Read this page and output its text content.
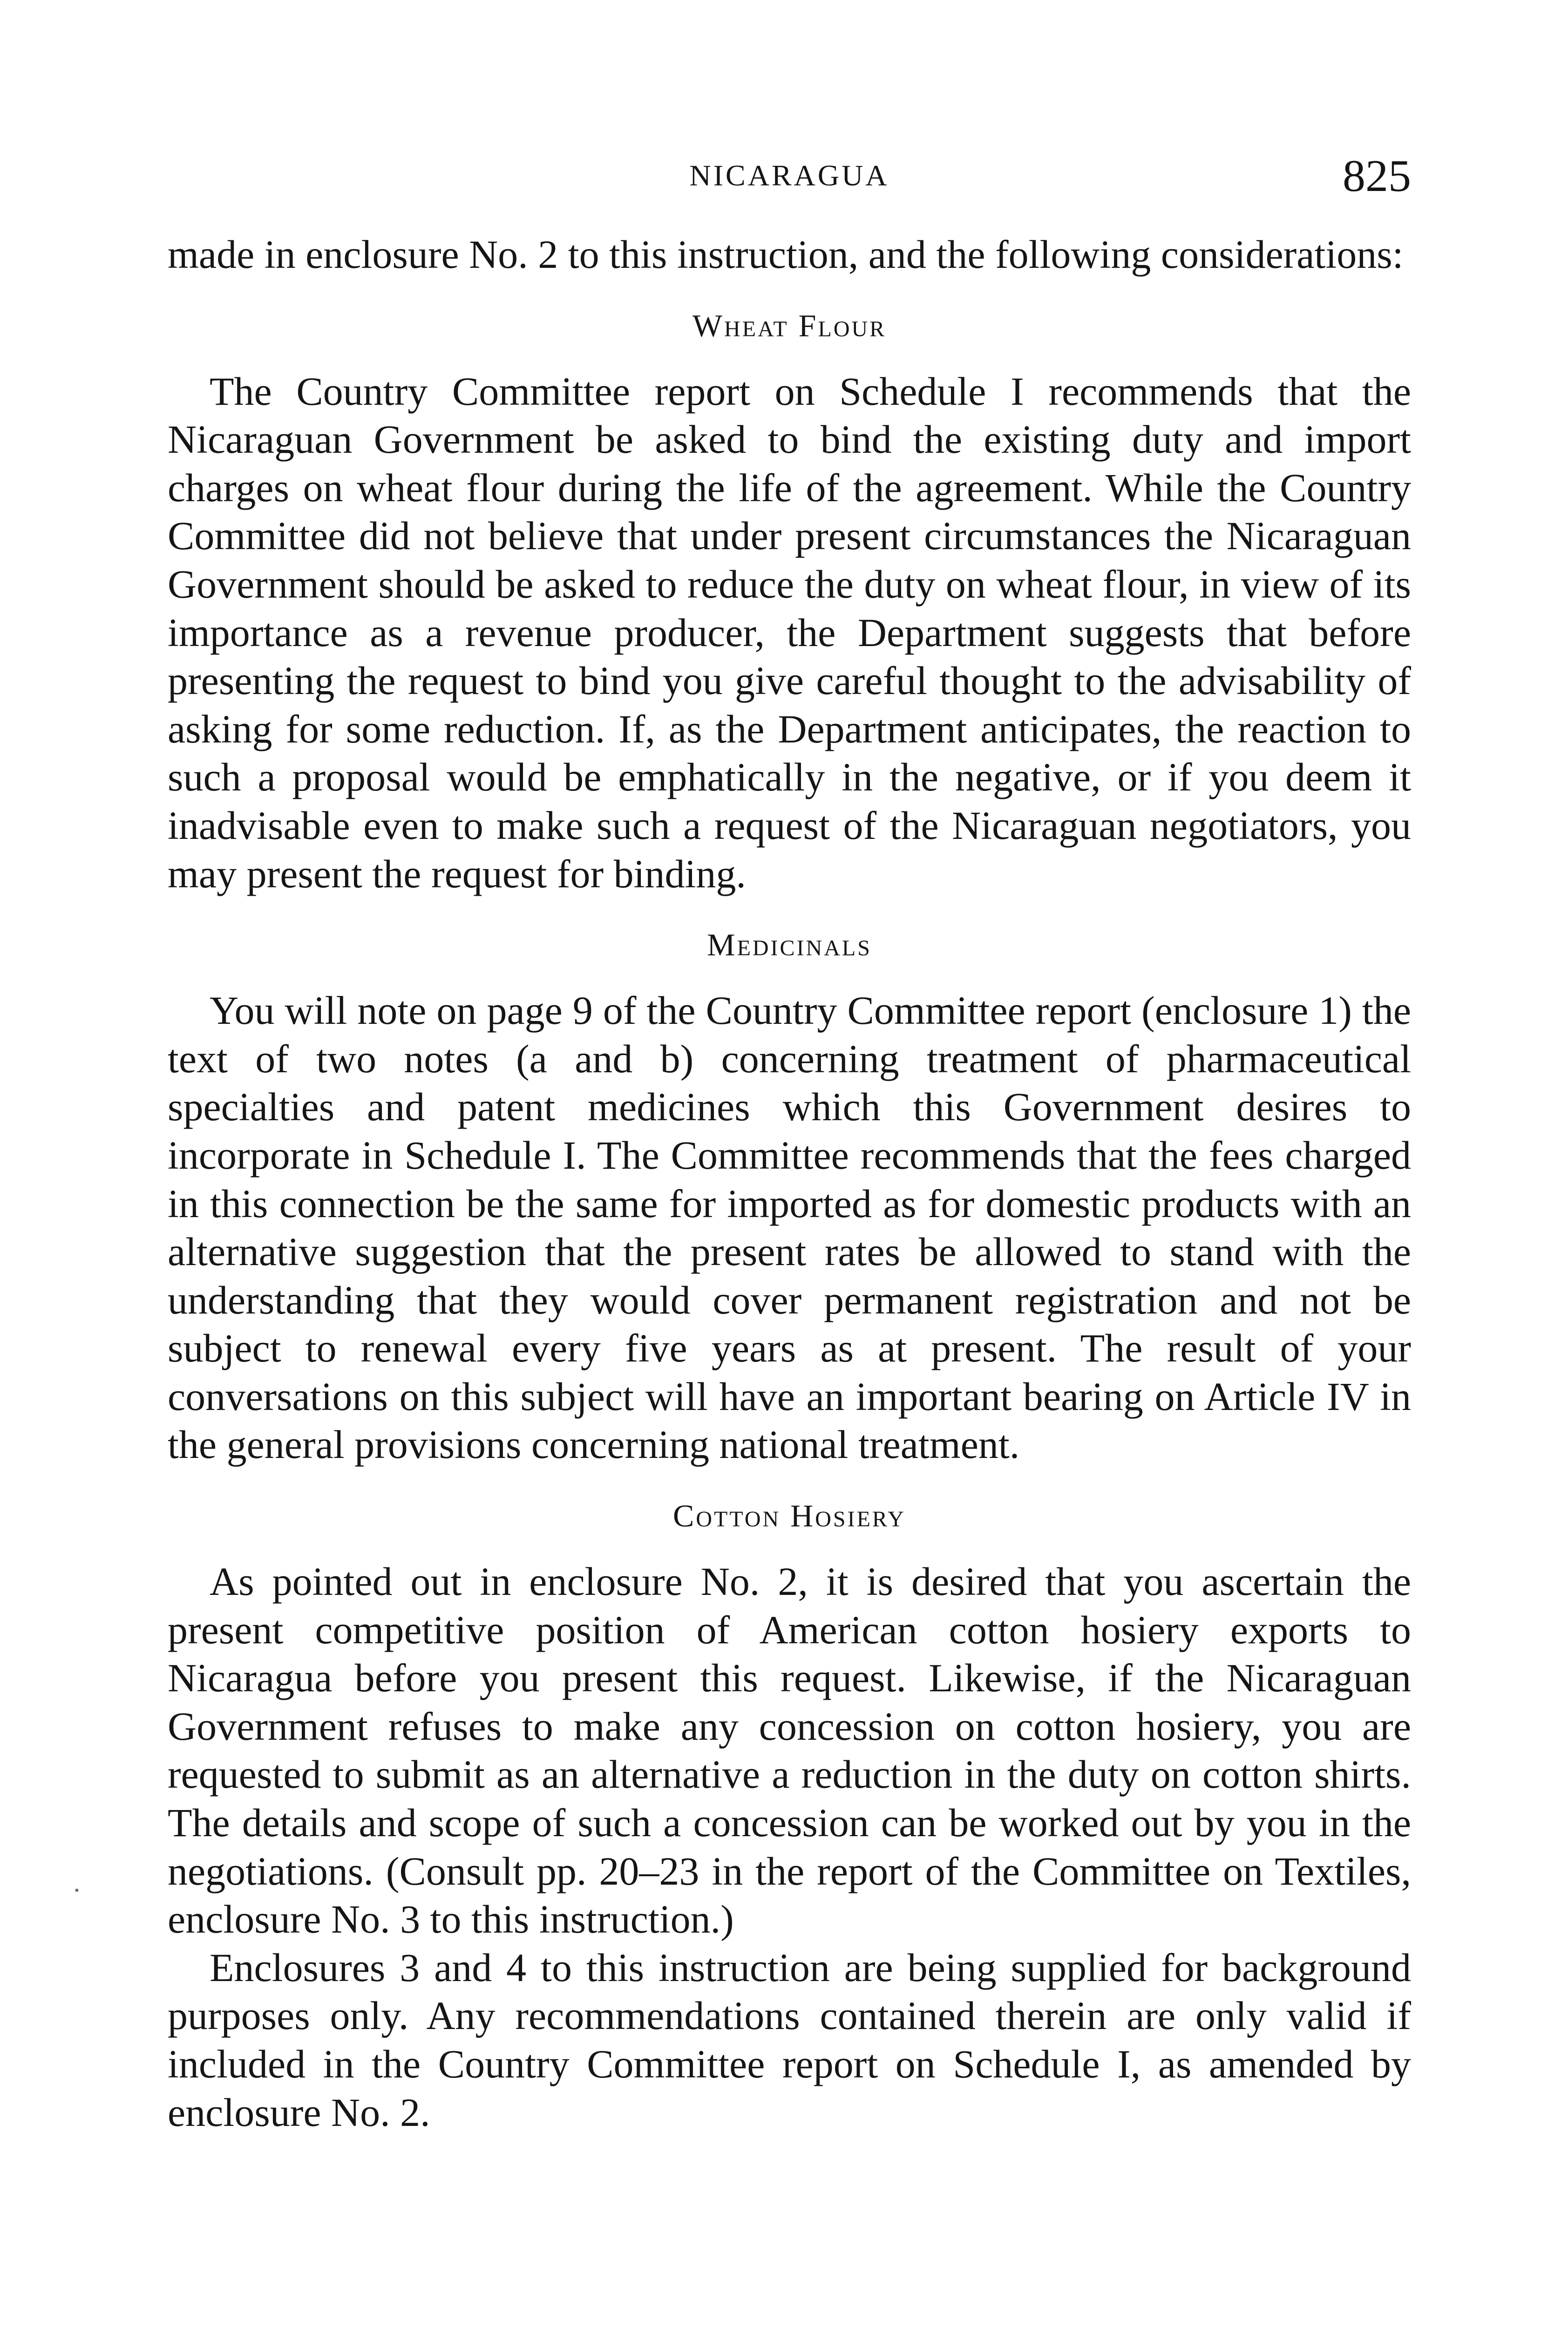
NICARAGUA	825

made in enclosure No. 2 to this instruction, and the following considerations:

Wheat Flour

The Country Committee report on Schedule I recommends that the Nicaraguan Government be asked to bind the existing duty and import charges on wheat flour during the life of the agreement. While the Country Committee did not believe that under present circumstances the Nicaraguan Government should be asked to reduce the duty on wheat flour, in view of its importance as a revenue producer, the Department suggests that before presenting the request to bind you give careful thought to the advisability of asking for some reduction. If, as the Department anticipates, the reaction to such a proposal would be emphatically in the negative, or if you deem it inadvisable even to make such a request of the Nicaraguan negotiators, you may present the request for binding.

Medicinals

You will note on page 9 of the Country Committee report (enclosure 1) the text of two notes (a and b) concerning treatment of pharmaceutical specialties and patent medicines which this Government desires to incorporate in Schedule I. The Committee recommends that the fees charged in this connection be the same for imported as for domestic products with an alternative suggestion that the present rates be allowed to stand with the understanding that they would cover permanent registration and not be subject to renewal every five years as at present. The result of your conversations on this subject will have an important bearing on Article IV in the general provisions concerning national treatment.

Cotton Hosiery

As pointed out in enclosure No. 2, it is desired that you ascertain the present competitive position of American cotton hosiery exports to Nicaragua before you present this request. Likewise, if the Nicaraguan Government refuses to make any concession on cotton hosiery, you are requested to submit as an alternative a reduction in the duty on cotton shirts. The details and scope of such a concession can be worked out by you in the negotiations. (Consult pp. 20–23 in the report of the Committee on Textiles, enclosure No. 3 to this instruction.)

Enclosures 3 and 4 to this instruction are being supplied for background purposes only. Any recommendations contained therein are only valid if included in the Country Committee report on Schedule I, as amended by enclosure No. 2.
